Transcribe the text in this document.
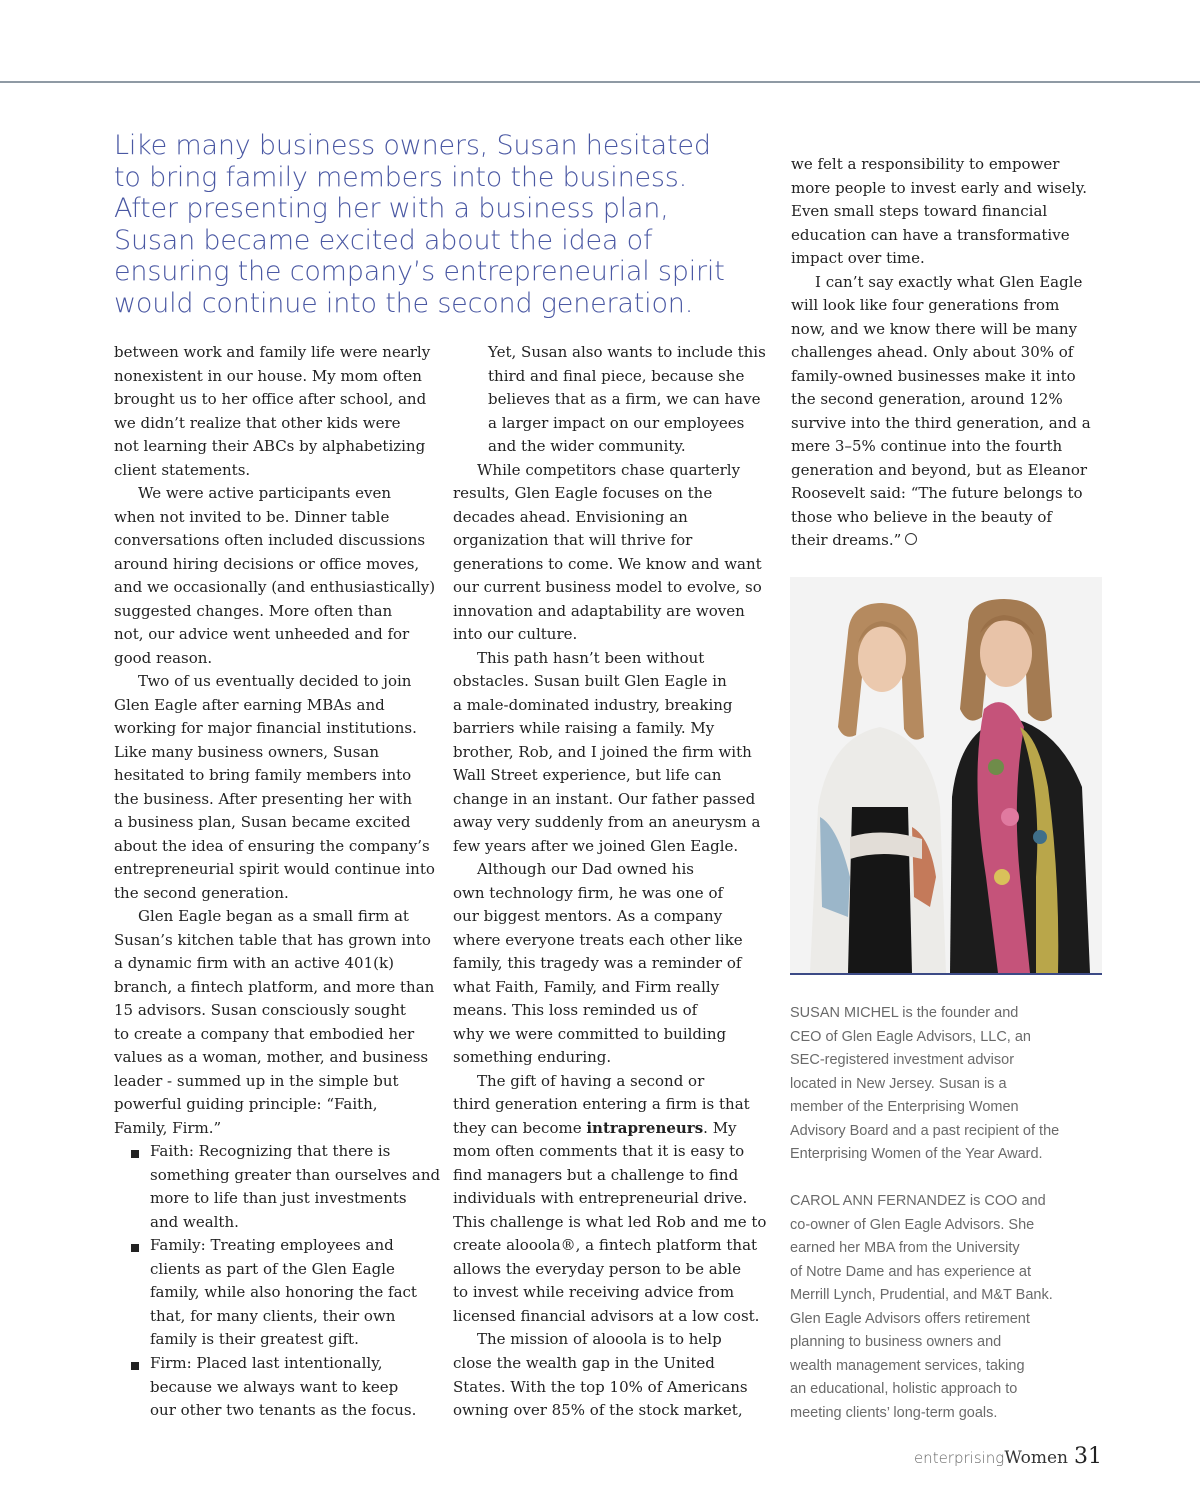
Like many business owners, Susan hesitated
to bring family members into the business.
After presenting her with a business plan,
Susan became excited about the idea of
ensuring the company’s entrepreneurial spirit
would continue into the second generation.
between work and family life were nearly
nonexistent in our house. My mom often
brought us to her office after school, and
we didn’t realize that other kids were
not learning their ABCs by alphabetizing
client statements.
We were active participants even
when not invited to be. Dinner table
conversations often included discussions
around hiring decisions or office moves,
and we occasionally (and enthusiastically)
suggested changes. More often than
not, our advice went unheeded and for
good reason.
Two of us eventually decided to join
Glen Eagle after earning MBAs and
working for major financial institutions.
Like many business owners, Susan
hesitated to bring family members into
the business. After presenting her with
a business plan, Susan became excited
about the idea of ensuring the company’s
entrepreneurial spirit would continue into
the second generation.
Glen Eagle began as a small firm at
Susan’s kitchen table that has grown into
a dynamic firm with an active 401(k)
branch, a fintech platform, and more than
15 advisors. Susan consciously sought
to create a company that embodied her
values as a woman, mother, and business
leader - summed up in the simple but
powerful guiding principle: “Faith,
Family, Firm.”
Faith: Recognizing that there is
something greater than ourselves and
more to life than just investments
and wealth.
Family: Treating employees and
clients as part of the Glen Eagle
family, while also honoring the fact
that, for many clients, their own
family is their greatest gift.
Firm: Placed last intentionally,
because we always want to keep
our other two tenants as the focus.
Yet, Susan also wants to include this
third and final piece, because she
believes that as a firm, we can have
a larger impact on our employees
and the wider community.
While competitors chase quarterly
results, Glen Eagle focuses on the
decades ahead. Envisioning an
organization that will thrive for
generations to come. We know and want
our current business model to evolve, so
innovation and adaptability are woven
into our culture.
This path hasn’t been without
obstacles. Susan built Glen Eagle in
a male-dominated industry, breaking
barriers while raising a family. My
brother, Rob, and I joined the firm with
Wall Street experience, but life can
change in an instant. Our father passed
away very suddenly from an aneurysm a
few years after we joined Glen Eagle.
Although our Dad owned his
own technology firm, he was one of
our biggest mentors. As a company
where everyone treats each other like
family, this tragedy was a reminder of
what Faith, Family, and Firm really
means. This loss reminded us of
why we were committed to building
something enduring.
The gift of having a second or
third generation entering a firm is that
they can become intrapreneurs. My
mom often comments that it is easy to
find managers but a challenge to find
individuals with entrepreneurial drive.
This challenge is what led Rob and me to
create alooola®, a fintech platform that
allows the everyday person to be able
to invest while receiving advice from
licensed financial advisors at a low cost.
The mission of alooola is to help
close the wealth gap in the United
States. With the top 10% of Americans
owning over 85% of the stock market,
we felt a responsibility to empower
more people to invest early and wisely.
Even small steps toward financial
education can have a transformative
impact over time.
I can’t say exactly what Glen Eagle
will look like four generations from
now, and we know there will be many
challenges ahead. Only about 30% of
family-owned businesses make it into
the second generation, around 12%
survive into the third generation, and a
mere 3–5% continue into the fourth
generation and beyond, but as Eleanor
Roosevelt said: “The future belongs to
those who believe in the beauty of
their dreams.”
SUSAN MICHEL is the founder and
CEO of Glen Eagle Advisors, LLC, an
SEC-registered investment advisor
located in New Jersey. Susan is a
member of the Enterprising Women
Advisory Board and a past recipient of the
Enterprising Women of the Year Award.
CAROL ANN FERNANDEZ is COO and
co-owner of Glen Eagle Advisors. She
earned her MBA from the University
of Notre Dame and has experience at
Merrill Lynch, Prudential, and M&T Bank.
Glen Eagle Advisors offers retirement
planning to business owners and
wealth management services, taking
an educational, holistic approach to
meeting clients’ long-term goals.
enterprisingWomen 31
